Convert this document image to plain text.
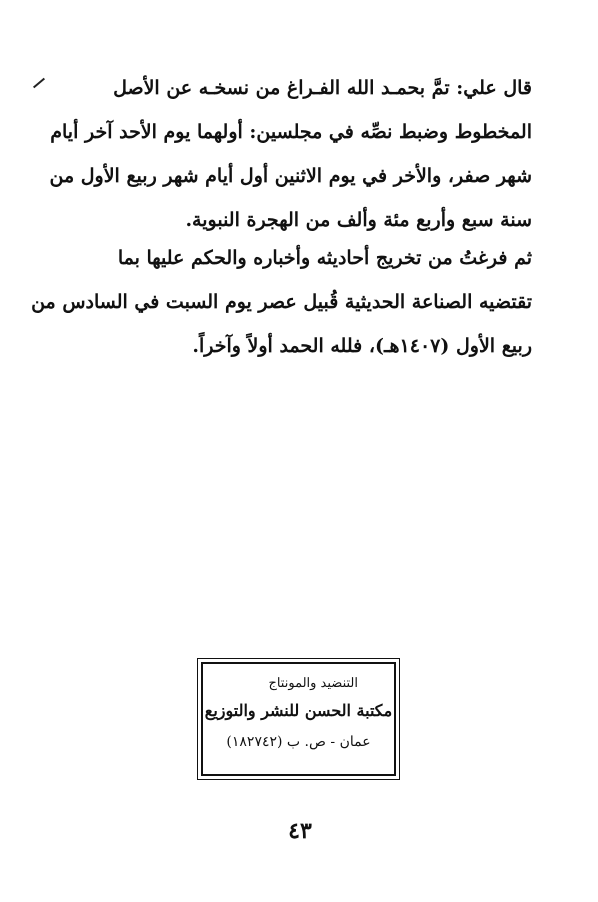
قال علي: تمَّ بحمـد الله الفـراغ من نسخـه عن الأصل
المخطوط وضبط نصِّه في مجلسين: أولهما يوم الأحد آخر أيام
شهر صفر، والأخر في يوم الاثنين أول أيام شهر ربيع الأول من
سنة سبع وأربع مئة وألف من الهجرة النبوية.
ثم فرغتُ من تخريج أحاديثه وأخباره والحكم عليها بما
تقتضيه الصناعة الحديثية قُبيل عصر يوم السبت في السادس من
ربيع الأول (١٤٠٧هـ)، فلله الحمد أولاً وآخراً.
التنضيد والمونتاج
مكتبة الحسن للنشر والتوزيع
عمان - ص. ب (١٨٢٧٤٢)
٤٣
